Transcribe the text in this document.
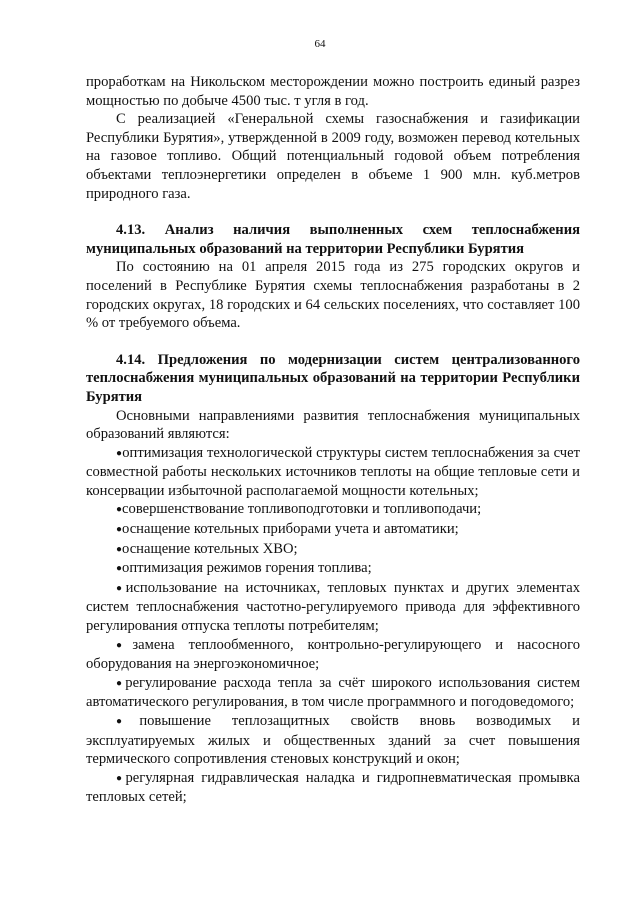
64

проработкам на Никольском месторождении можно построить единый разрез мощностью по добыче 4500 тыс. т угля в год.

С реализацией «Генеральной схемы газоснабжения и газификации Республики Бурятия», утвержденной в 2009 году, возможен перевод котельных на газовое топливо. Общий потенциальный годовой объем потребления объектами теплоэнергетики определен в объеме 1 900 млн. куб.метров природного газа.

4.13. Анализ наличия выполненных схем теплоснабжения муниципальных образований на территории Республики Бурятия

По состоянию на 01 апреля 2015 года из 275 городских округов и поселений в Республике Бурятия схемы теплоснабжения разработаны в 2 городских округах, 18 городских и 64 сельских поселениях, что составляет 100 % от требуемого объема.

4.14. Предложения по модернизации систем централизованного теплоснабжения муниципальных образований на территории Республики Бурятия

Основными направлениями развития теплоснабжения муниципальных образований являются:

●оптимизация технологической структуры систем теплоснабжения за счет совместной работы нескольких источников теплоты на общие тепловые сети и консервации избыточной располагаемой мощности котельных;

●совершенствование топливоподготовки и топливоподачи;

●оснащение котельных приборами учета и автоматики;

●оснащение котельных ХВО;

●оптимизация режимов горения топлива;

●использование на источниках, тепловых пунктах и других элементах систем теплоснабжения частотно-регулируемого привода для эффективного регулирования отпуска теплоты потребителям;

●замена теплообменного, контрольно-регулирующего и насосного оборудования на энергоэкономичное;

●регулирование расхода тепла за счёт широкого использования систем автоматического регулирования, в том числе программного и погодоведомого;

●повышение теплозащитных свойств вновь возводимых и эксплуатируемых жилых и общественных зданий за счет повышения термического сопротивления стеновых конструкций и окон;

●регулярная гидравлическая наладка и гидропневматическая промывка тепловых сетей;
